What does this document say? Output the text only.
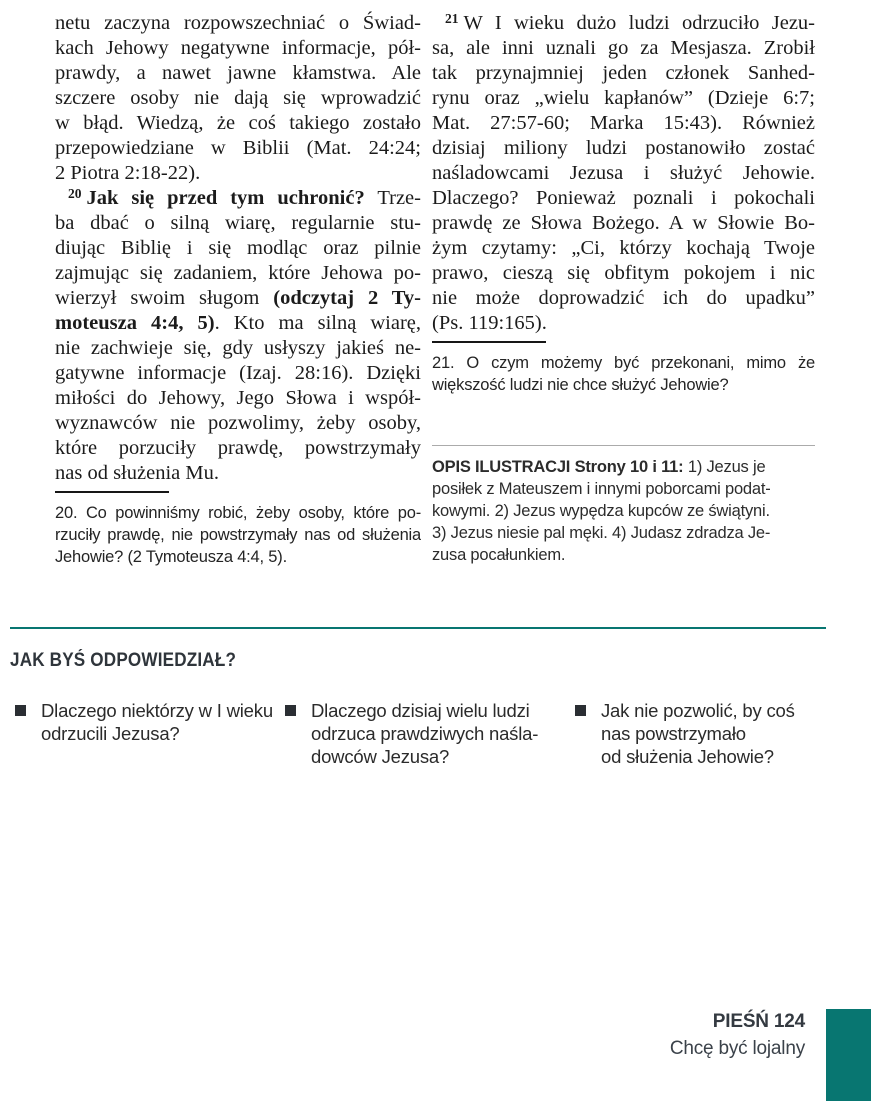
netu zaczyna rozpowszechniać o Świad-
kach Jehowy negatywne informacje, pół-
prawdy, a nawet jawne kłamstwa. Ale
szczere osoby nie dają się wprowadzić
w błąd. Wiedzą, że coś takiego zostało
przepowiedziane w Biblii (Mat. 24:24;
2 Piotra 2:18-22).
$^{20}$ Jak się przed tym uchronić? Trze-
ba dbać o silną wiarę, regularnie stu-
diując Biblię i się modląc oraz pilnie
zajmując się zadaniem, które Jehowa po-
wierzył swoim sługom (odczytaj 2 Ty-
moteusza 4:4, 5). Kto ma silną wiarę,
nie zachwieje się, gdy usłyszy jakieś ne-
gatywne informacje (Izaj. 28:16). Dzięki
miłości do Jehowy, Jego Słowa i współ-
wyznawców nie pozwolimy, żeby osoby,
które porzuciły prawdę, powstrzymały
nas od służenia Mu.
20. Co powinniśmy robić, żeby osoby, które po-
rzuciły prawdę, nie powstrzymały nas od służenia
Jehowie? (2 Tymoteusza 4:4, 5).
$^{21}$ W I wieku dużo ludzi odrzuciło Jezu-
sa, ale inni uznali go za Mesjasza. Zrobił
tak przynajmniej jeden członek Sanhed-
rynu oraz „wielu kapłanów” (Dzieje 6:7;
Mat. 27:57-60; Marka 15:43). Również
dzisiaj miliony ludzi postanowiło zostać
naśladowcami Jezusa i służyć Jehowie.
Dlaczego? Ponieważ poznali i pokochali
prawdę ze Słowa Bożego. A w Słowie Bo-
żym czytamy: „Ci, którzy kochają Twoje
prawo, cieszą się obfitym pokojem i nic
nie może doprowadzić ich do upadku”
(Ps. 119:165).
21. O czym możemy być przekonani, mimo że
większość ludzi nie chce służyć Jehowie?
OPIS ILUSTRACJI Strony 10 i 11: 1) Jezus je
posiłek z Mateuszem i innymi poborcami podat-
kowymi. 2) Jezus wypędza kupców ze świątyni.
3) Jezus niesie pal męki. 4) Judasz zdradza Je-
zusa pocałunkiem.
JAK BYŚ ODPOWIEDZIAŁ?
Dlaczego niektórzy w I wieku
odrzucili Jezusa?
Dlaczego dzisiaj wielu ludzi
odrzuca prawdziwych naśla-
dowców Jezusa?
Jak nie pozwolić, by coś
nas powstrzymało
od służenia Jehowie?
PIEŚŃ 124
Chcę być lojalny
